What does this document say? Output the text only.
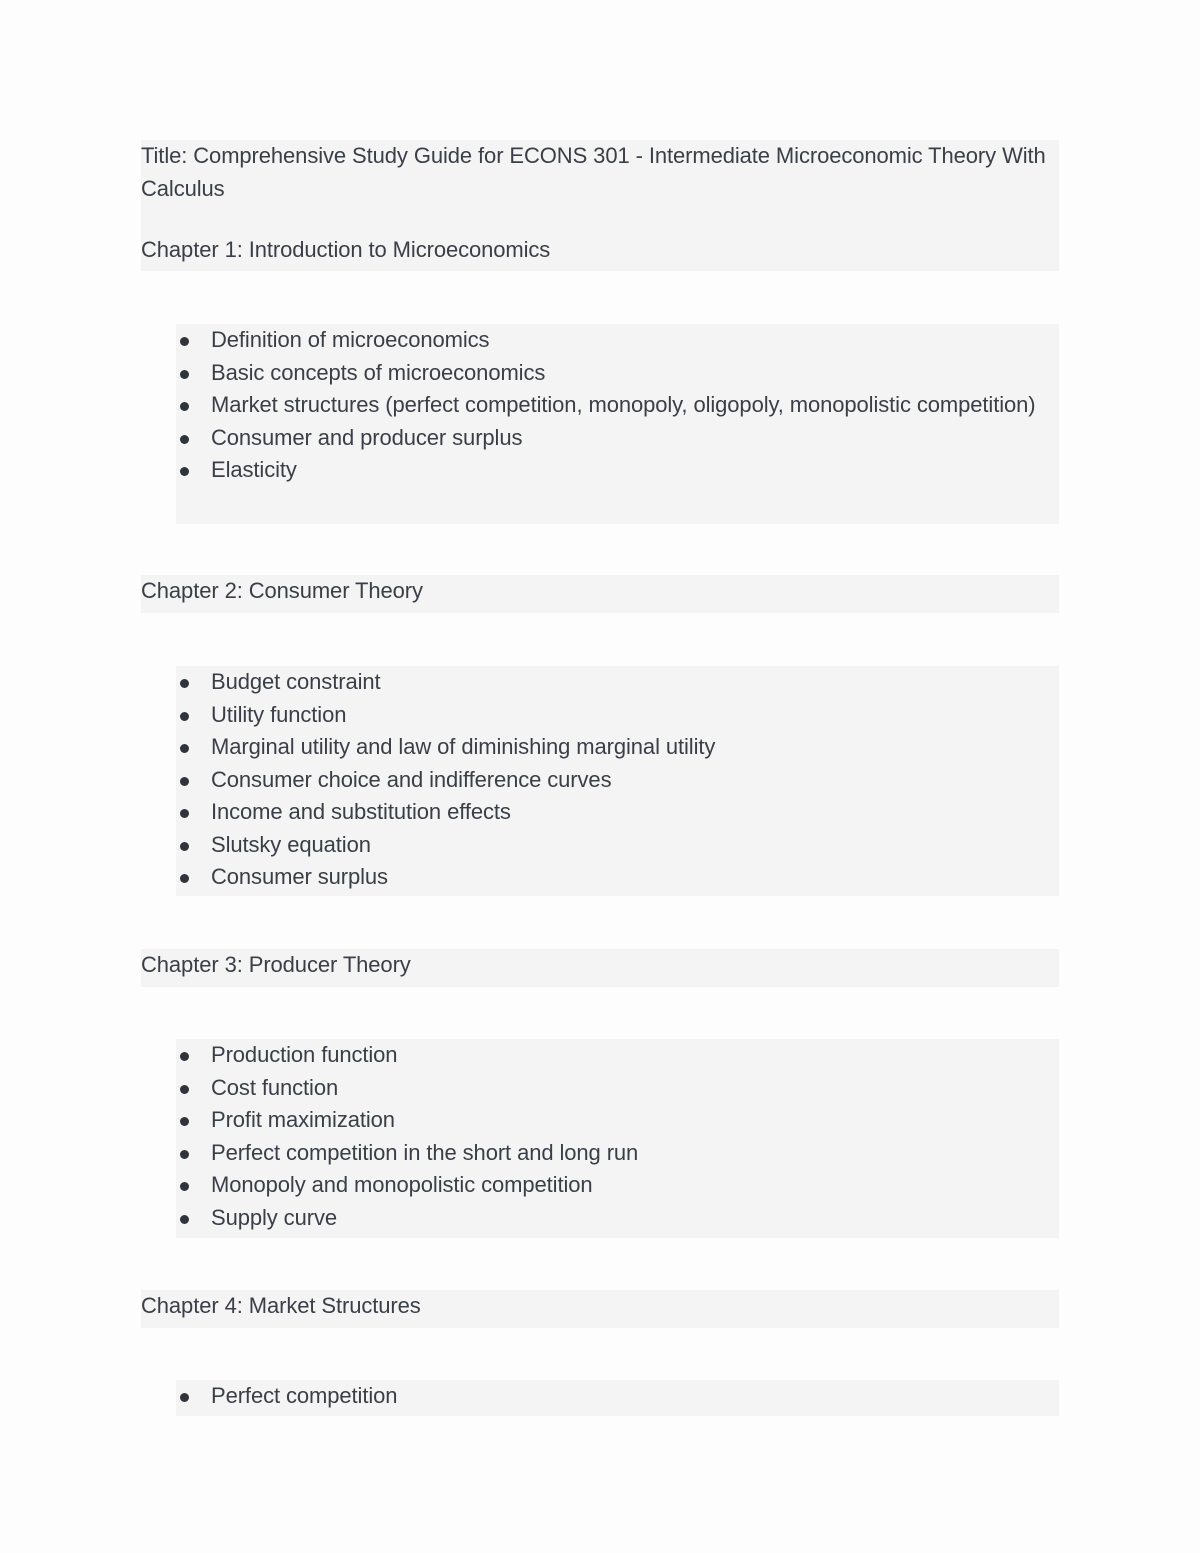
Title: Comprehensive Study Guide for ECONS 301 - Intermediate Microeconomic Theory With Calculus

Chapter 1: Introduction to Microeconomics

Definition of microeconomics
Basic concepts of microeconomics
Market structures (perfect competition, monopoly, oligopoly, monopolistic competition)
Consumer and producer surplus
Elasticity

Chapter 2: Consumer Theory

Budget constraint
Utility function
Marginal utility and law of diminishing marginal utility
Consumer choice and indifference curves
Income and substitution effects
Slutsky equation
Consumer surplus

Chapter 3: Producer Theory

Production function
Cost function
Profit maximization
Perfect competition in the short and long run
Monopoly and monopolistic competition
Supply curve

Chapter 4: Market Structures

Perfect competition
